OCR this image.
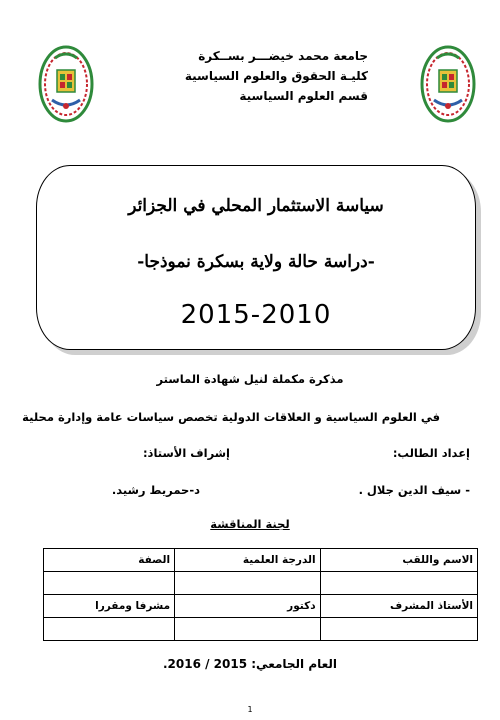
جامعة محمد خيضـــر بســكرة
كليـة الحقوق والعلوم السياسية
قسم العلوم السياسية
سياسة الاستثمار المحلي في الجزائر
-دراسة حالة ولاية بسكرة نموذجا-
2015-2010
مذكرة مكملة لنيل شهادة الماستر
في العلوم السياسية و العلاقات الدولية تخصص سياسات عامة وإدارة محلية
إعداد الطالب:
إشراف الأستاذ:
- سيف الدين جلال .
د-حمريط رشيد.
لجنة المناقشة
الاسم واللقب	الدرجة العلمية	الصفة

الأستاذ المشرف	دكتور	مشرفا ومقررا

العام الجامعي: 2015 / 2016.
1
